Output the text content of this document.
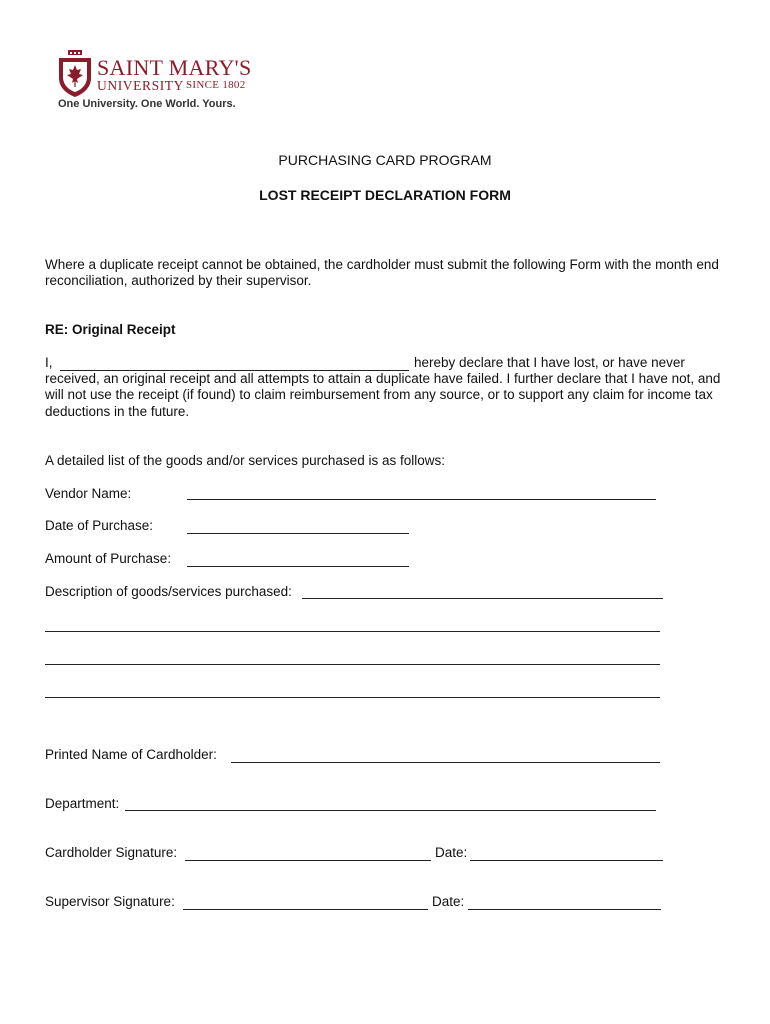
SAINT MARY'S
UNIVERSITY SINCE 1802
One University. One World. Yours.
PURCHASING CARD PROGRAM
LOST RECEIPT DECLARATION FORM
Where a duplicate receipt cannot be obtained, the cardholder must submit the following Form with the month end reconciliation, authorized by their supervisor.
RE: Original Receipt
I,	hereby declare that I have lost, or have never
received, an original receipt and all attempts to attain a duplicate have failed. I further declare that I have not, and will not use the receipt (if found) to claim reimbursement from any source, or to support any claim for income tax deductions in the future.
A detailed list of the goods and/or services purchased is as follows:
Vendor Name:
Date of Purchase:
Amount of Purchase:
Description of goods/services purchased:
Printed Name of Cardholder:
Department:
Cardholder Signature:	Date:
Supervisor Signature:	Date:
